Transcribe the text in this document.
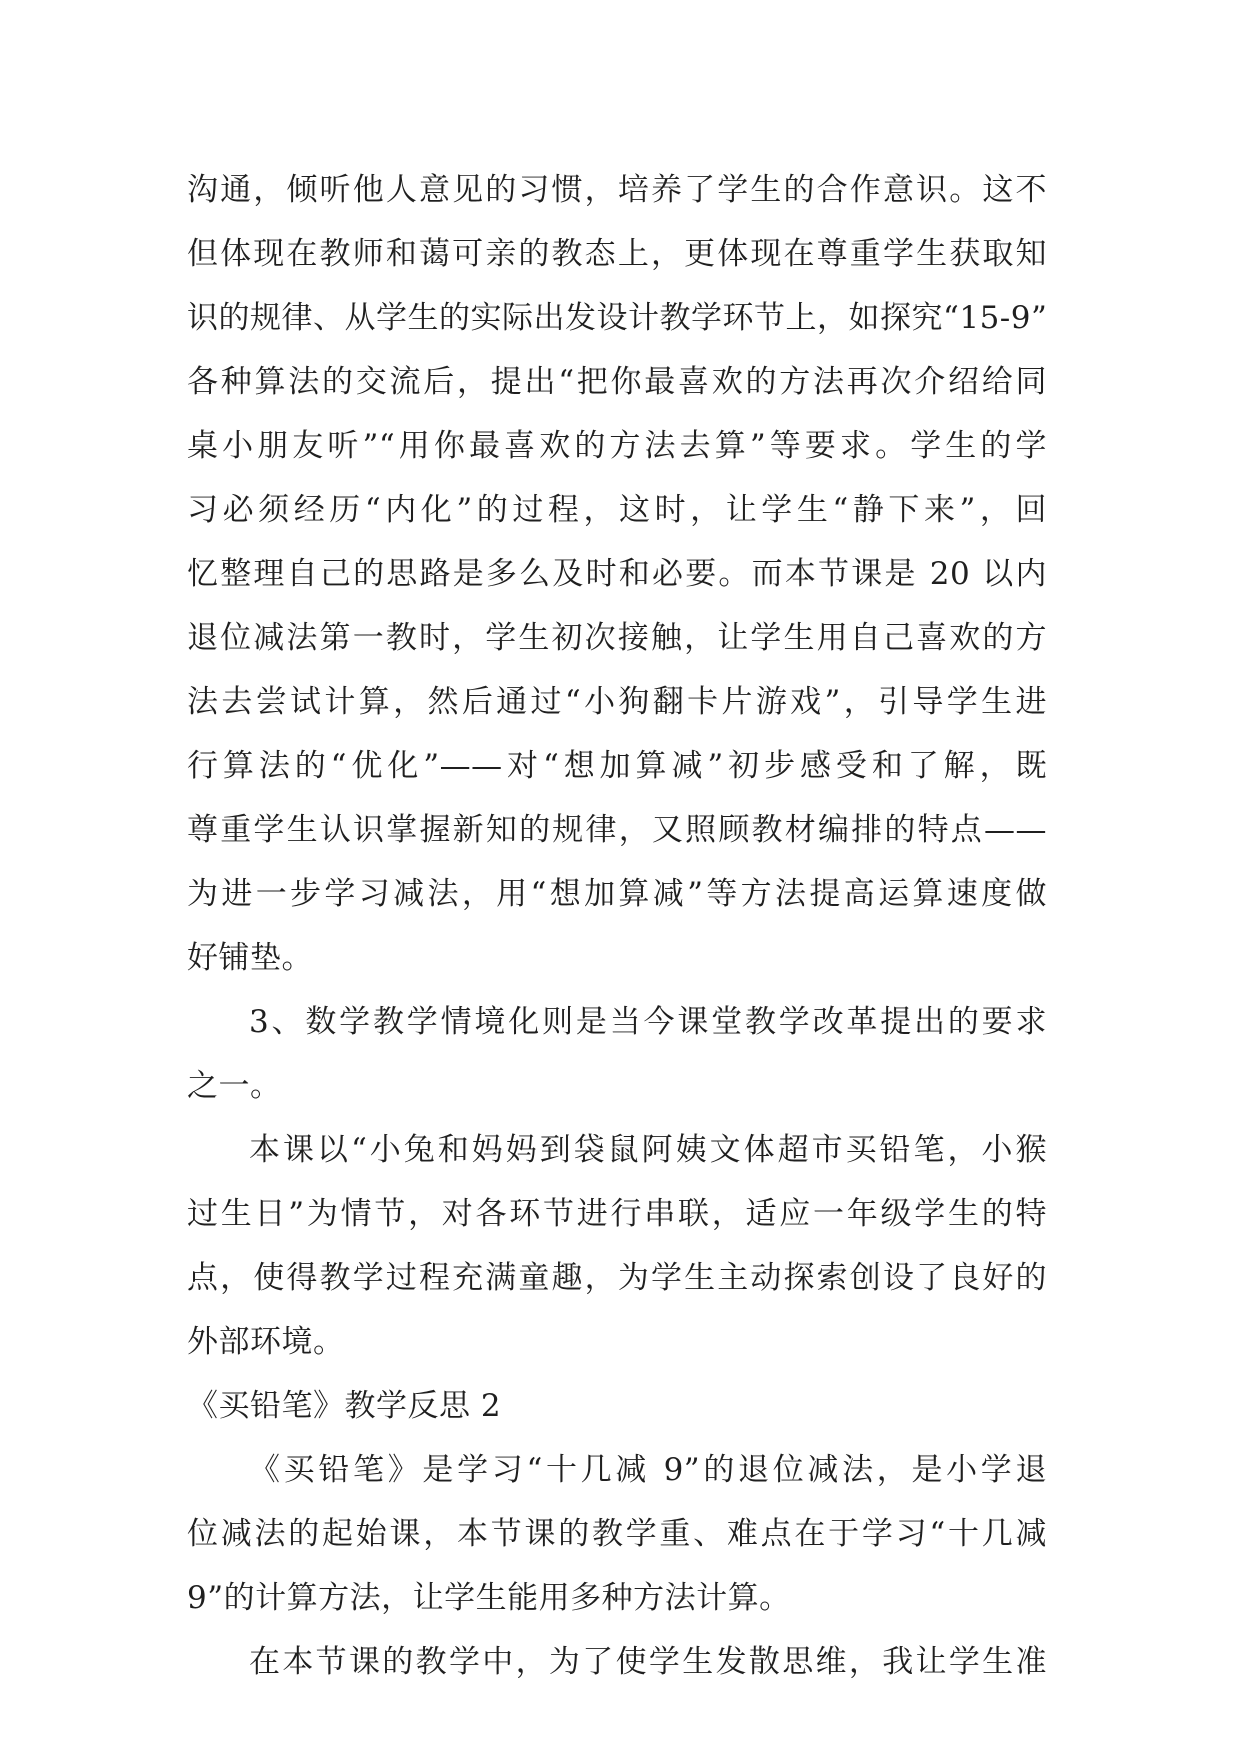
沟通，倾听他人意见的习惯，培养了学生的合作意识。这不
但体现在教师和蔼可亲的教态上，更体现在尊重学生获取知
识的规律、从学生的实际出发设计教学环节上，如探究“15-9”
各种算法的交流后，提出“把你最喜欢的方法再次介绍给同
桌小朋友听”“用你最喜欢的方法去算”等要求。学生的学
习必须经历“内化”的过程，这时，让学生“静下来”，回
忆整理自己的思路是多么及时和必要。而本节课是 20 以内
退位减法第一教时，学生初次接触，让学生用自己喜欢的方
法去尝试计算，然后通过“小狗翻卡片游戏”，引导学生进
行算法的“优化”——对“想加算减”初步感受和了解，既
尊重学生认识掌握新知的规律，又照顾教材编排的特点——
为进一步学习减法，用“想加算减”等方法提高运算速度做
好铺垫。
3、数学教学情境化则是当今课堂教学改革提出的要求
之一。
本课以“小兔和妈妈到袋鼠阿姨文体超市买铅笔，小猴
过生日”为情节，对各环节进行串联，适应一年级学生的特
点，使得教学过程充满童趣，为学生主动探索创设了良好的
外部环境。
《买铅笔》教学反思 2
《买铅笔》是学习“十几减 9”的退位减法，是小学退
位减法的起始课，本节课的教学重、难点在于学习“十几减
9”的计算方法，让学生能用多种方法计算。
在本节课的教学中，为了使学生发散思维，我让学生准
